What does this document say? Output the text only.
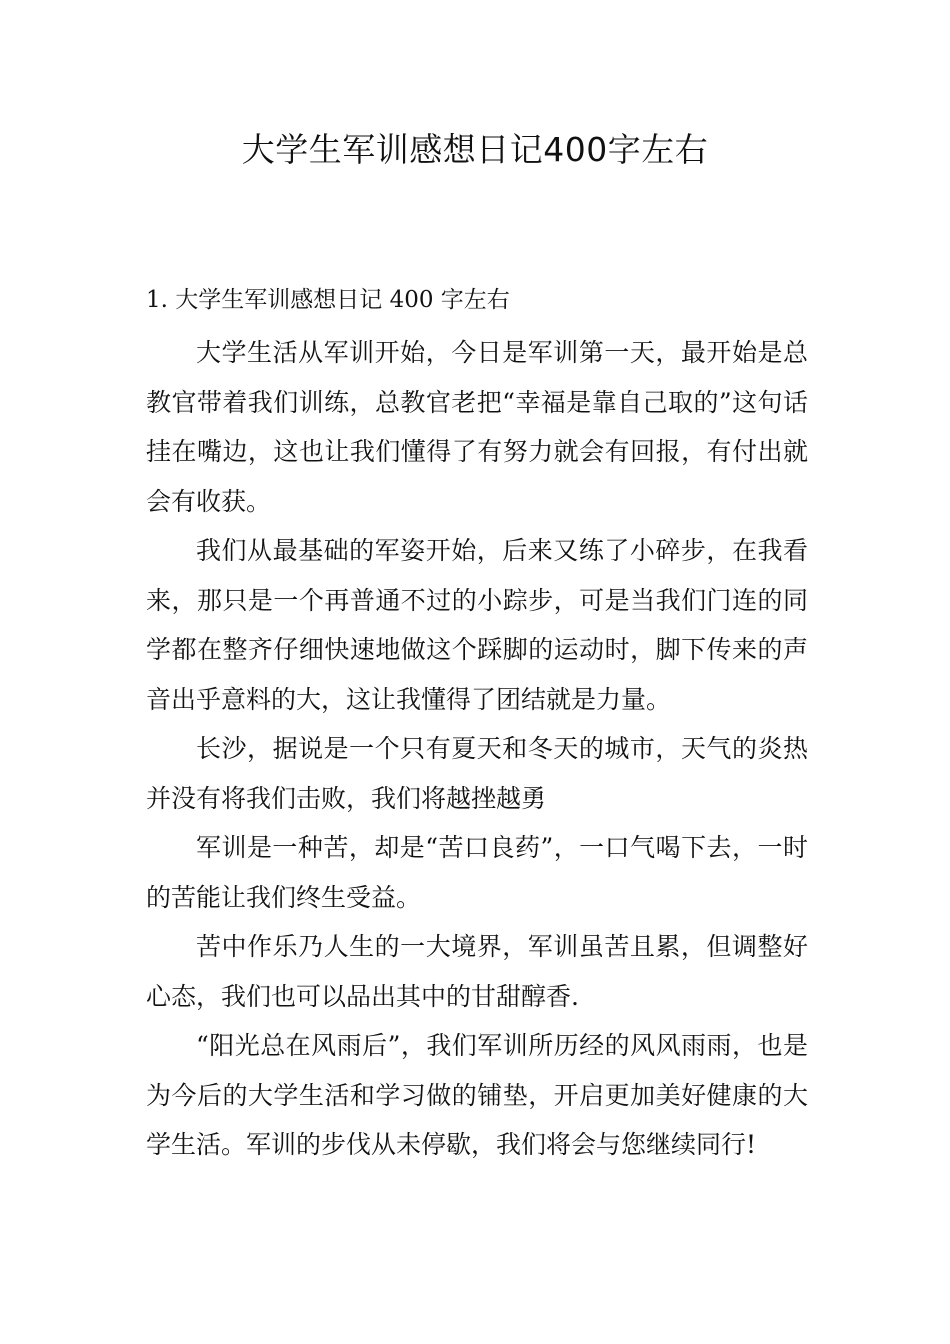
大学生军训感想日记400字左右
1. 大学生军训感想日记 400 字左右

大学生活从军训开始，今日是军训第一天，最开始是总教官带着我们训练，总教官老把“幸福是靠自己取的”这句话挂在嘴边，这也让我们懂得了有努力就会有回报，有付出就会有收获。

我们从最基础的军姿开始，后来又练了小碎步，在我看来，那只是一个再普通不过的小踪步，可是当我们门连的同学都在整齐仔细快速地做这个踩脚的运动时，脚下传来的声音出乎意料的大，这让我懂得了团结就是力量。

长沙，据说是一个只有夏天和冬天的城市，天气的炎热并没有将我们击败，我们将越挫越勇

军训是一种苦，却是“苦口良药”，一口气喝下去，一时的苦能让我们终生受益。

苦中作乐乃人生的一大境界，军训虽苦且累，但调整好心态，我们也可以品出其中的甘甜醇香.

“阳光总在风雨后”，我们军训所历经的风风雨雨，也是为今后的大学生活和学习做的铺垫，开启更加美好健康的大学生活。军训的步伐从未停歇，我们将会与您继续同行!
